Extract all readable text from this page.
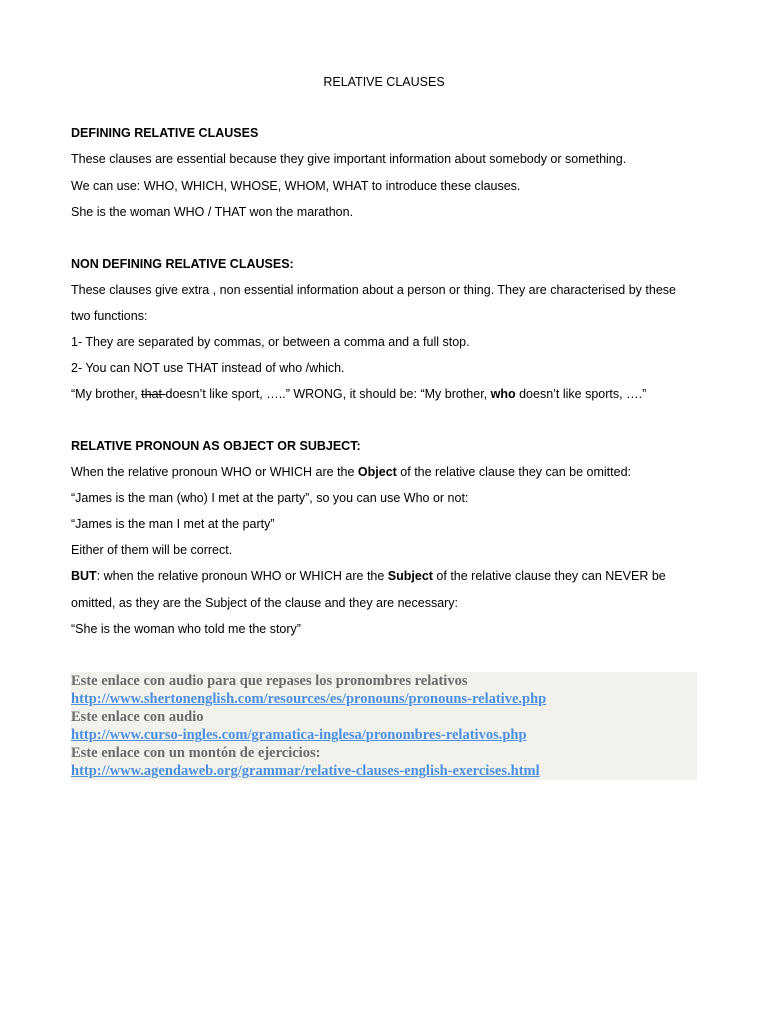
RELATIVE CLAUSES
DEFINING RELATIVE CLAUSES
These clauses are essential because they give important information about somebody or something.
We can use: WHO, WHICH, WHOSE, WHOM, WHAT to introduce these clauses.
She is the woman WHO / THAT won the marathon.
NON DEFINING RELATIVE CLAUSES:
These clauses give extra , non essential information about a person or thing. They are characterised by these
two functions:
1- They are separated by commas, or between a comma and a full stop.
2- You can NOT use THAT instead of who /which.
“My brother, that doesn’t like sport, …..” WRONG, it should be: “My brother, who doesn’t like sports, ….”
RELATIVE PRONOUN AS OBJECT OR SUBJECT:
When the relative pronoun WHO or WHICH are the Object of the relative clause they can be omitted:
“James is the man (who) I met at the party”, so you can use Who or not:
“James is the man I met at the party”
Either of them will be correct.
BUT: when the relative pronoun WHO or WHICH are the Subject of the relative clause they can NEVER be
omitted, as they are the Subject of the clause and they are necessary:
“She is the woman who told me the story”
Este enlace con audio para que repases los pronombres relativos
http://www.shertonenglish.com/resources/es/pronouns/pronouns-relative.php
Este enlace con audio
http://www.curso-ingles.com/gramatica-inglesa/pronombres-relativos.php
Este enlace con un montón de ejercicios:
http://www.agendaweb.org/grammar/relative-clauses-english-exercises.html
